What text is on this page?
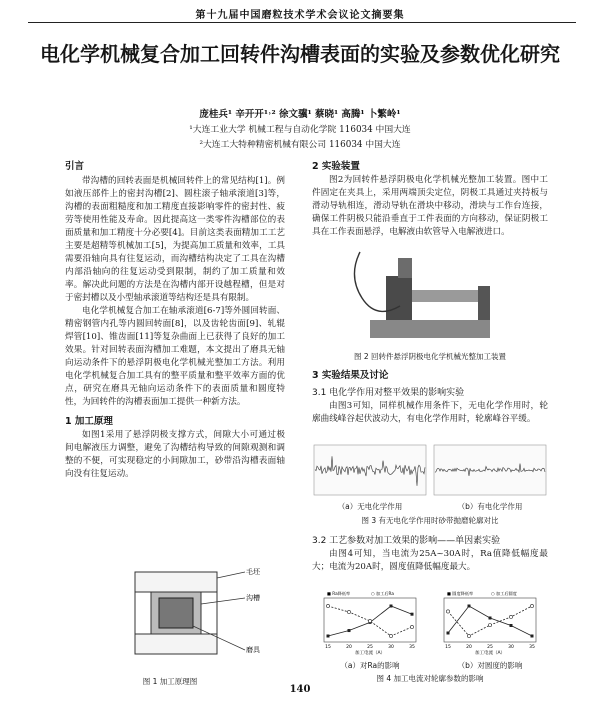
第十九届中国磨粒技术学术会议论文摘要集
电化学机械复合加工回转件沟槽表面的实验及参数优化研究
庞桂兵¹ 辛开开¹˒² 徐文骥¹ 蔡晓¹ 高腾¹ 卜繁岭¹
¹大连工业大学 机械工程与自动化学院 116034 中国大连
²大连工大特种精密机械有限公司 116034 中国大连
引言

带沟槽的回转表面是机械回转件上的常见结构[1]。例如液压部件上的密封沟槽[2]、圆柱滚子轴承滚道[3]等，沟槽的表面粗糙度和加工精度直接影响零件的密封性、疲劳等使用性能及寿命。因此提高这一类零件沟槽部位的表面质量和加工精度十分必要[4]。目前这类表面精加工工艺主要是超精等机械加工[5]，为提高加工质量和效率，工具需要沿轴向具有往复运动，而沟槽结构决定了工具在沟槽内部沿轴向的往复运动受到限制，制约了加工质量和效率。解决此问题的方法是在沟槽内部开设越程槽，但是对于密封槽以及小型轴承滚道等结构还是具有限制。

电化学机械复合加工在轴承滚道[6-7]等外圆回转面、精密钢管内孔等内圆回转面[8]，以及齿轮齿面[9]、轧辊焊管[10]、锥齿面[11]等复杂曲面上已获得了良好的加工效果。针对回转表面沟槽加工难题，本文提出了磨具无轴向运动条件下的悬浮阴极电化学机械光整加工方法。利用电化学机械复合加工具有的整平质量和整平效率方面的优点，研究在磨具无轴向运动条件下的表面质量和圆度特性，为回转件的沟槽表面加工提供一种新方法。

1 加工原理

如图1采用了悬浮阴极支撑方式，间隙大小可通过极间电解液压力调整，避免了沟槽结构导致的间隙观测和调整的不便，可实现稳定的小间隙加工，砂带沿沟槽表面轴向没有往复运动。

毛坯
沟槽
磨具
图 1 加工原理图
2 实验装置

图2为回转件悬浮阴极电化学机械光整加工装置。图中工件固定在夹具上，采用两端顶尖定位，阴极工具通过夹持板与滑动导轨相连，滑动导轨在滑块中移动，滑块与工作台连接，确保工件阴极只能沿垂直于工件表面的方向移动，保证阴极工具在工作表面悬浮，电解液由软管导入电解液进口。

图 2 回转件悬浮阴极电化学机械光整加工装置
3 实验结果及讨论
3.1 电化学作用对整平效果的影响实验

由图3可知，同样机械作用条件下，无电化学作用时，轮廓曲线峰谷起伏波动大，有电化学作用时，轮廓峰谷平缓。

（a）无电化学作用	（b）有电化学作用
图 3 有无电化学作用时砂带抛磨轮廓对比
3.2 工艺参数对加工效果的影响——单因素实验

由图4可知，当电流为25A~30A时，Ra值降低幅度最大；电流为20A时，圆度值降低幅度最大。

15	20	25	30	35
加工电流（A）
■ Ra降低率	○ 加工后Ra
15	20	25	30	35
加工电流（A）
■ 圆度降低率	○ 加工后圆度
（a）对Ra的影响	（b）对圆度的影响
图 4 加工电流对轮廓参数的影响
140
